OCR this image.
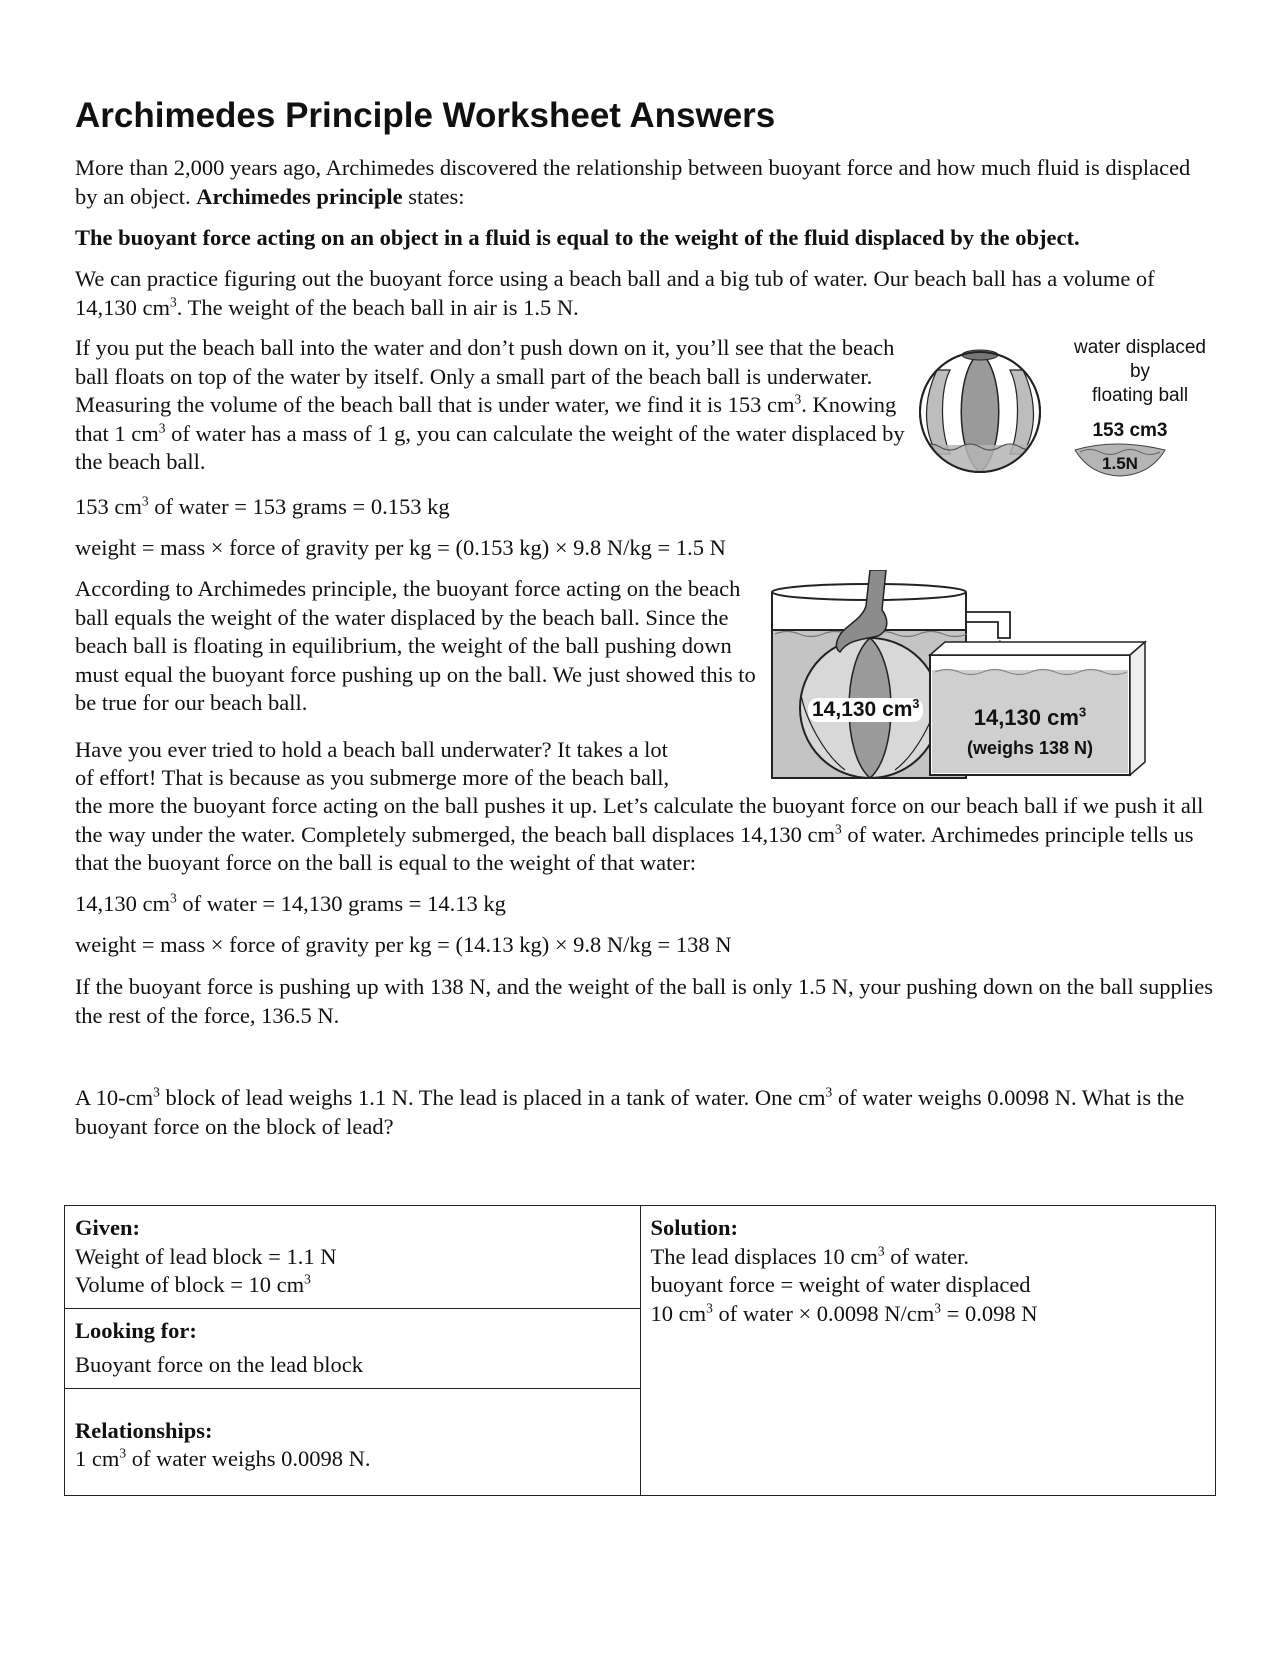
Archimedes Principle Worksheet Answers

More than 2,000 years ago, Archimedes discovered the relationship between buoyant force and how much fluid is displaced by an object. Archimedes principle states:

The buoyant force acting on an object in a fluid is equal to the weight of the fluid displaced by the object.

We can practice figuring out the buoyant force using a beach ball and a big tub of water. Our beach ball has a volume of 14,130 $cm^3$. The weight of the beach ball in air is 1.5 N.

If you put the beach ball into the water and don’t push down on it, you’ll see that the beach ball floats on top of the water by itself. Only a small part of the beach ball is underwater. Measuring the volume of the beach ball that is under water, we find it is 153 $cm^3$. Knowing that 1 $cm^3$ of water has a mass of 1 g, you can calculate the weight of the water displaced by the beach ball.

water displaced
by
floating ball
153 cm3
1.5N

153 $cm^3$ of water = 153 grams = 0.153 kg

weight = mass × force of gravity per kg = (0.153 kg) × 9.8 N/kg = 1.5 N

According to Archimedes principle, the buoyant force acting on the beach ball equals the weight of the water displaced by the beach ball. Since the beach ball is floating in equilibrium, the weight of the ball pushing down must equal the buoyant force pushing up on the ball. We just showed this to be true for our beach ball.	14,130 $cm^3$
14,130 $cm^3$
(weighs 138 N)

Have you ever tried to hold a beach ball underwater? It takes a lot

of effort! That is because as you submerge more of the beach ball,

the more the buoyant force acting on the ball pushes it up. Let’s calculate the buoyant force on our beach ball if we push it all the way under the water. Completely submerged, the beach ball displaces 14,130 $cm^3$ of water. Archimedes principle tells us that the buoyant force on the ball is equal to the weight of that water:

14,130 $cm^3$ of water = 14,130 grams = 14.13 kg

weight = mass × force of gravity per kg = (14.13 kg) × 9.8 N/kg = 138 N

If the buoyant force is pushing up with 138 N, and the weight of the ball is only 1.5 N, your pushing down on the ball supplies the rest of the force, 136.5 N.

A $10-cm^3$ block of lead weighs 1.1 N. The lead is placed in a tank of water. One $cm^3$ of water weighs 0.0098 N. What is the buoyant force on the block of lead?

Given:
Weight of lead block = 1.1 N
Volume of block = 10 $cm^3$

Solution:
The lead displaces 10 $cm^3$ of water.
buoyant force = weight of water displaced
10 $cm^3$ of water × 0.0098 $N/cm^3 = 0.098$ N

Looking for:
Buoyant force on the lead block

Relationships:
1 $cm^3$ of water weighs 0.0098 N.
